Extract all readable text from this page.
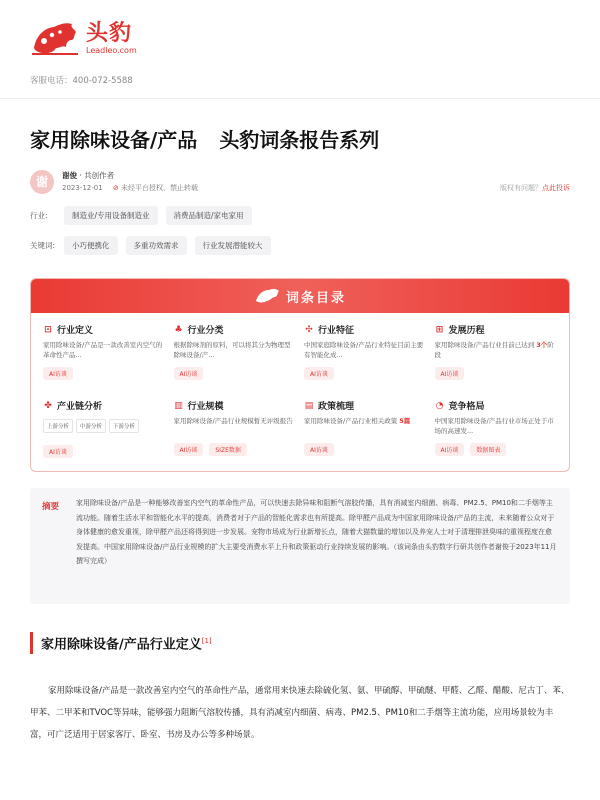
头豹
Leadleo.com
客服电话：400-072-5588
家用除味设备/产品 头豹词条报告系列
谢	谢俊 · 共创作者
2023-12-01 ⊘ 未经平台授权，禁止转载	版权有问题？点此投诉
行业:	制造业/专用设备制造业	消费品制造/家电家用
关键词:	小巧便携化	多重功效需求	行业发展潜能较大
词条目录
⊡ 行业定义
家用除味设备/产品是一款改善室内空气的革命性产品...
AI访谈
♣ 行业分类
根据除味剂的原料，可以将其分为物理型除味设备/产...
AI访谈
✣ 行业特征
中国家庭除味设备/产品行业特征目前主要有智能化成...
AI访谈
⊞ 发展历程
家用除味设备/产品行业目前已达到 3个阶段
AI访谈
✤ 产业链分析
上游分析	中游分析	下游分析
AI访谈
▥ 行业规模
家用除味设备/产品行业规模暂无评级报告
AI访谈	SIZE数据
▤ 政策梳理
家用除味设备/产品行业相关政策 5篇
AI访谈
◔ 竞争格局
中国家用除味设备/产品行业市场正处于市场的高速发...
AI访谈	数据图表
摘要	家用除味设备/产品是一种能够改善室内空气的革命性产品，可以快速去除异味和阻断气溶胶传播，具有消减室内细菌、病毒、PM2.5、PM10和二手烟等主流功能。随着生活水平和智能化水平的提高，消费者对于产品的智能化需求也有所提高。除甲醛产品成为中国家用除味设备/产品的主流，未来随着公众对于身体健康的愈发重视，除甲醛产品还将得到进一步发展。宠物市场成为行业新增长点，随着犬猫数量的增加以及养宠人士对于清理排泄臭味的重视程度在愈发提高。中国家用除味设备/产品行业规模的扩大主要受消费水平上升和政策驱动行业持续发展的影响。（该词条由头豹数字行研共创作者谢俊于2023年11月撰写完成）
家用除味设备/产品行业定义[1]

家用除味设备/产品是一款改善室内空气的革命性产品，通常用来快速去除硫化氢、氨、甲硫醇、甲硫醚、甲醛、乙醛、醋酸、尼古丁、苯、甲苯、二甲苯和TVOC等异味，能够强力阻断气溶胶传播，具有消减室内细菌、病毒、PM2.5、PM10和二手烟等主流功能，应用场景较为丰富，可广泛适用于居家客厅、卧室、书房及办公等多种场景。
